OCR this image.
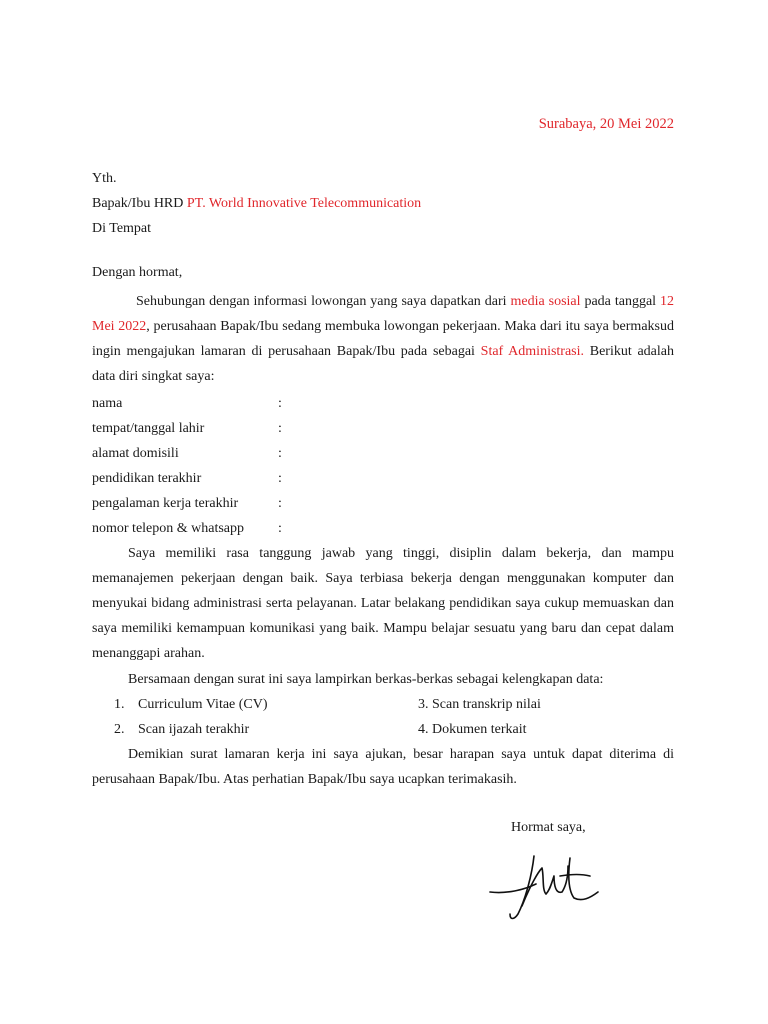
Surabaya, 20 Mei 2022
Yth.
Bapak/Ibu HRD PT. World Innovative Telecommunication
Di Tempat
Dengan hormat,
Sehubungan dengan informasi lowongan yang saya dapatkan dari media sosial pada tanggal 12 Mei 2022, perusahaan Bapak/Ibu sedang membuka lowongan pekerjaan. Maka dari itu saya bermaksud ingin mengajukan lamaran di perusahaan Bapak/Ibu pada sebagai Staf Administrasi. Berikut adalah data diri singkat saya:
nama	:
tempat/tanggal lahir	:
alamat domisili	:
pendidikan terakhir	:
pengalaman kerja terakhir	:
nomor telepon & whatsapp	:
Saya memiliki rasa tanggung jawab yang tinggi, disiplin dalam bekerja, dan mampu memanajemen pekerjaan dengan baik. Saya terbiasa bekerja dengan menggunakan komputer dan menyukai bidang administrasi serta pelayanan. Latar belakang pendidikan saya cukup memuaskan dan saya memiliki kemampuan komunikasi yang baik. Mampu belajar sesuatu yang baru dan cepat dalam menanggapi arahan.
Bersamaan dengan surat ini saya lampirkan berkas-berkas sebagai kelengkapan data:
1. Curriculum Vitae (CV)	3. Scan transkrip nilai
2. Scan ijazah terakhir	4. Dokumen terkait
Demikian surat lamaran kerja ini saya ajukan, besar harapan saya untuk dapat diterima di perusahaan Bapak/Ibu. Atas perhatian Bapak/Ibu saya ucapkan terimakasih.
Hormat saya,
